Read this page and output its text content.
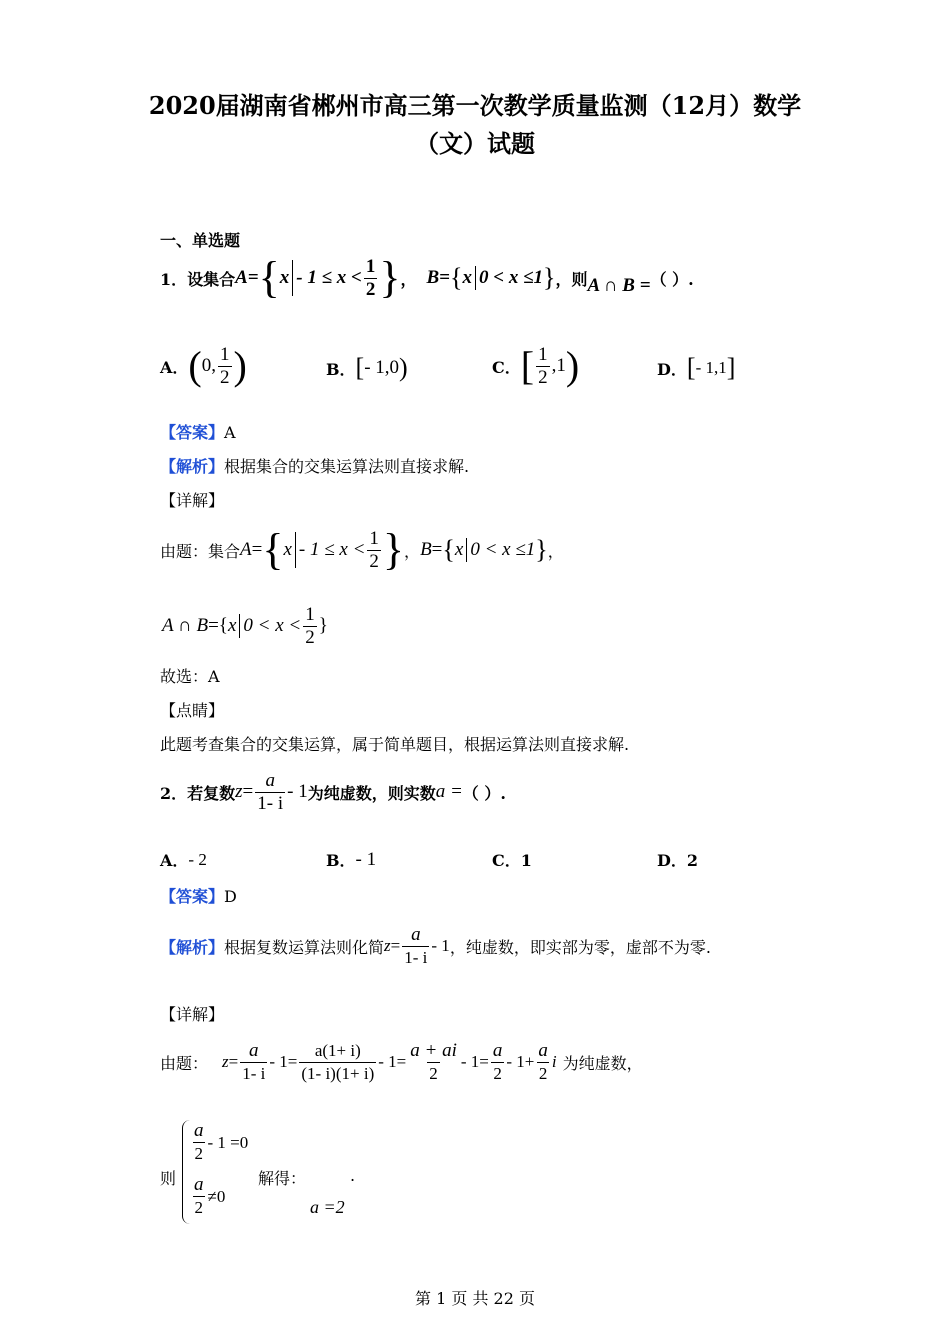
2020届湖南省郴州市高三第一次教学质量监测（12月）数学
（文）试题
一、单选题
1．设集合 A = { $x - 1 \le x < \frac{1}{2}$ } ， B = { x 0 < x ≤1 } ，则 A ∩ B = （ ）.
A． ( 0, $\frac{1}{2}$ )	B． [ - 1,0 )	C． [ $\frac{1}{2} ,1$ )	D． [ - 1,1 ]
【答案】A
【解析】根据集合的交集运算法则直接求解.
【详解】
由题：集合 A = { $x - 1 \le x < \frac{1}{2}$ } ， B = { x 0 < x ≤1 } ，
A ∩ B ={ x $0 < x < \frac{1}{2}$ }
故选：A
【点睛】
此题考查集合的交集运算，属于简单题目，根据运算法则直接求解.
2．若复数 $z = \frac{a}{1- i} - 1$ 为纯虚数，则实数 a = （ ）.
A． - 2	B． - 1	C．1	D．2
【答案】D
【解析】 根据复数运算法则化简 $z = \frac{a}{1- i} - 1$ ，纯虚数，即实部为零，虚部不为零.
【详解】
由题： $z = \frac{a}{1- i} - 1 = \frac{a(1+ i)}{(1- i)(1+ i)} - 1 = \frac{a + ai}{2} - 1 = \frac{a}{2} - 1 + \frac{a}{2}$ i 为纯虚数，
则
$\frac{a}{2} - 1 =0$
$\frac{a}{2} \ne 0$
解得：	.
a =2
第 1 页 共 22 页
